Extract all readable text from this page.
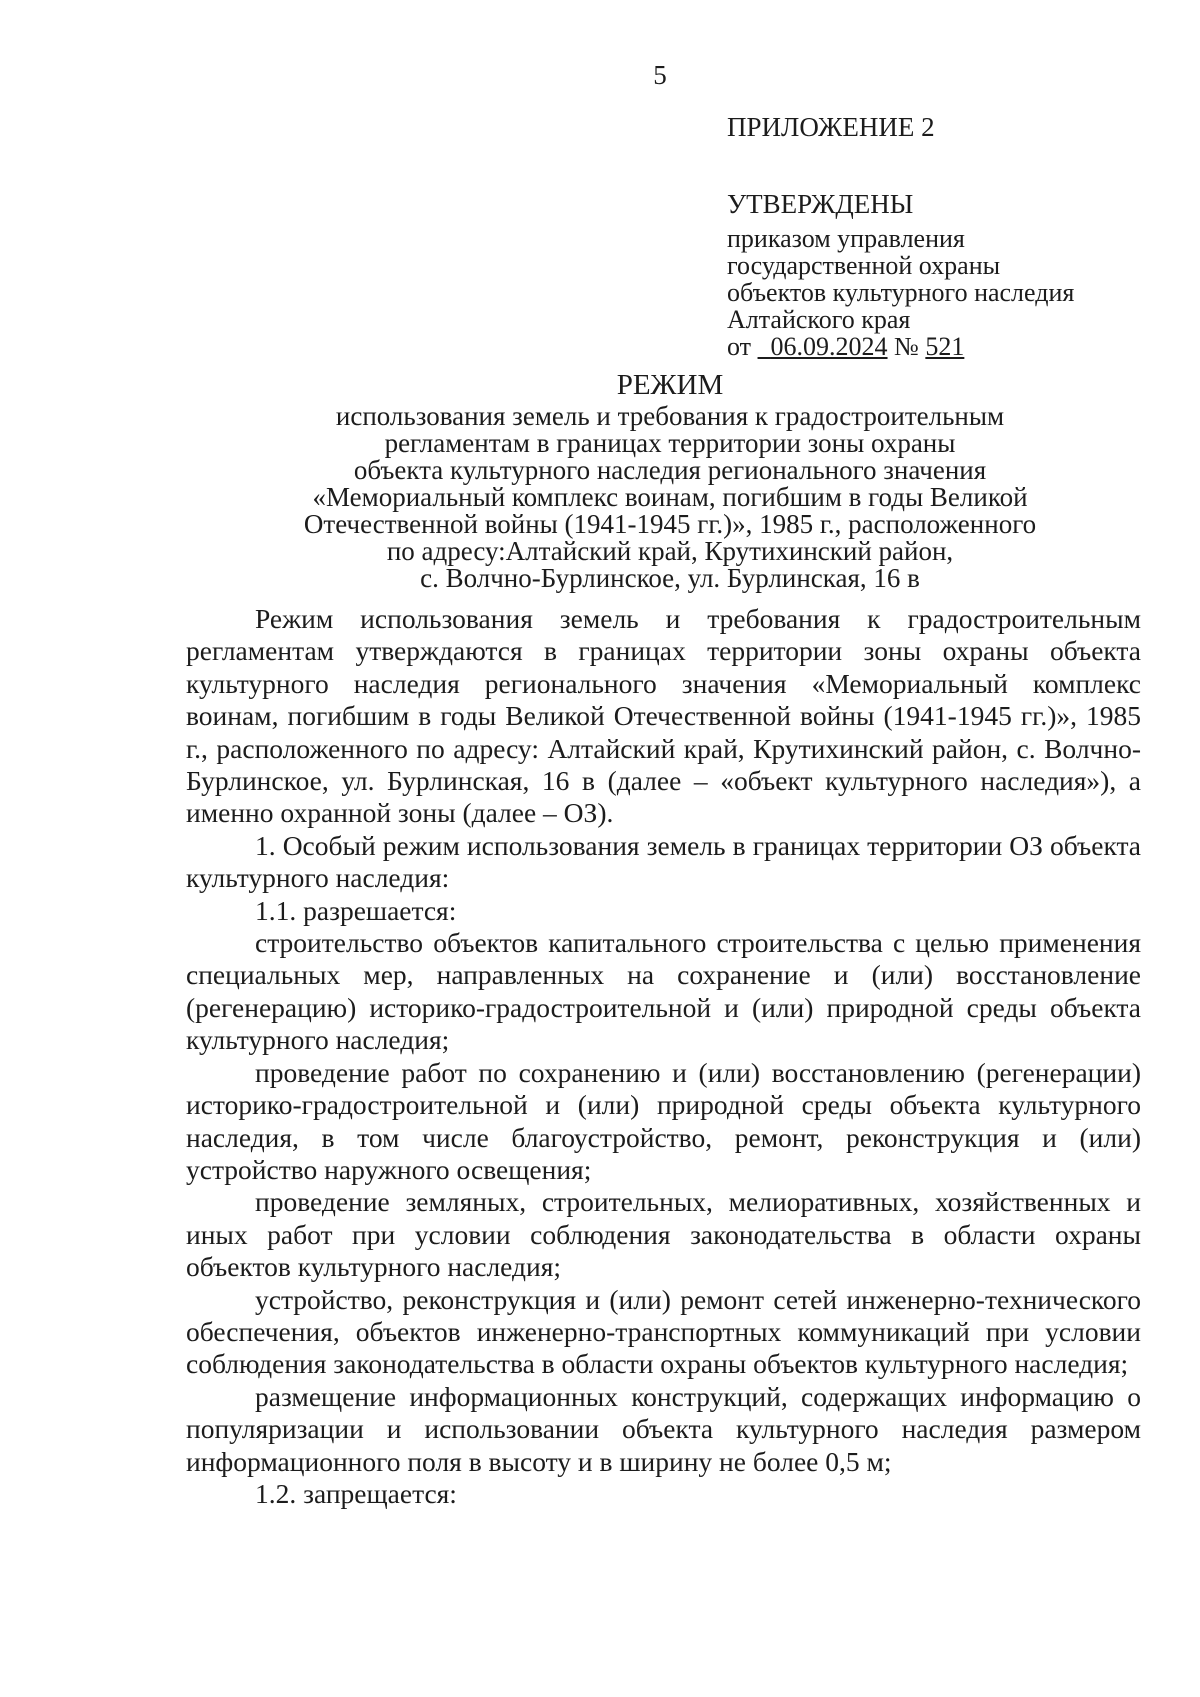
5
ПРИЛОЖЕНИЕ 2
УТВЕРЖДЕНЫ
приказом управления
государственной охраны
объектов культурного наследия
Алтайского края
от 06.09.2024 № 521
РЕЖИМ
использования земель и требования к градостроительным
регламентам в границах территории зоны охраны
объекта культурного наследия регионального значения
«Мемориальный комплекс воинам, погибшим в годы Великой
Отечественной войны (1941-1945 гг.)», 1985 г., расположенного
по адресу:Алтайский край, Крутихинский район,
с. Волчно-Бурлинское, ул. Бурлинская, 16 в

Режим использования земель и требования к градостроительным регламентам утверждаются в границах территории зоны охраны объекта культурного наследия регионального значения «Мемориальный комплекс воинам, погибшим в годы Великой Отечественной войны (1941-1945 гг.)», 1985 г., расположенного по адресу: Алтайский край, Крутихинский район, с. Волчно-Бурлинское, ул. Бурлинская, 16 в (далее – «объект культурного наследия»), а именно охранной зоны (далее – ОЗ).

1. Особый режим использования земель в границах территории ОЗ объекта культурного наследия:

1.1. разрешается:

строительство объектов капитального строительства с целью применения специальных мер, направленных на сохранение и (или) восстановление (регенерацию) историко-градостроительной и (или) природной среды объекта культурного наследия;

проведение работ по сохранению и (или) восстановлению (регенерации) историко-градостроительной и (или) природной среды объекта культурного наследия, в том числе благоустройство, ремонт, реконструкция и (или) устройство наружного освещения;

проведение земляных, строительных, мелиоративных, хозяйственных и иных работ при условии соблюдения законодательства в области охраны объектов культурного наследия;

устройство, реконструкция и (или) ремонт сетей инженерно-технического обеспечения, объектов инженерно-транспортных коммуникаций при условии соблюдения законодательства в области охраны объектов культурного наследия;

размещение информационных конструкций, содержащих информацию о популяризации и использовании объекта культурного наследия размером информационного поля в высоту и в ширину не более 0,5 м;

1.2. запрещается:
